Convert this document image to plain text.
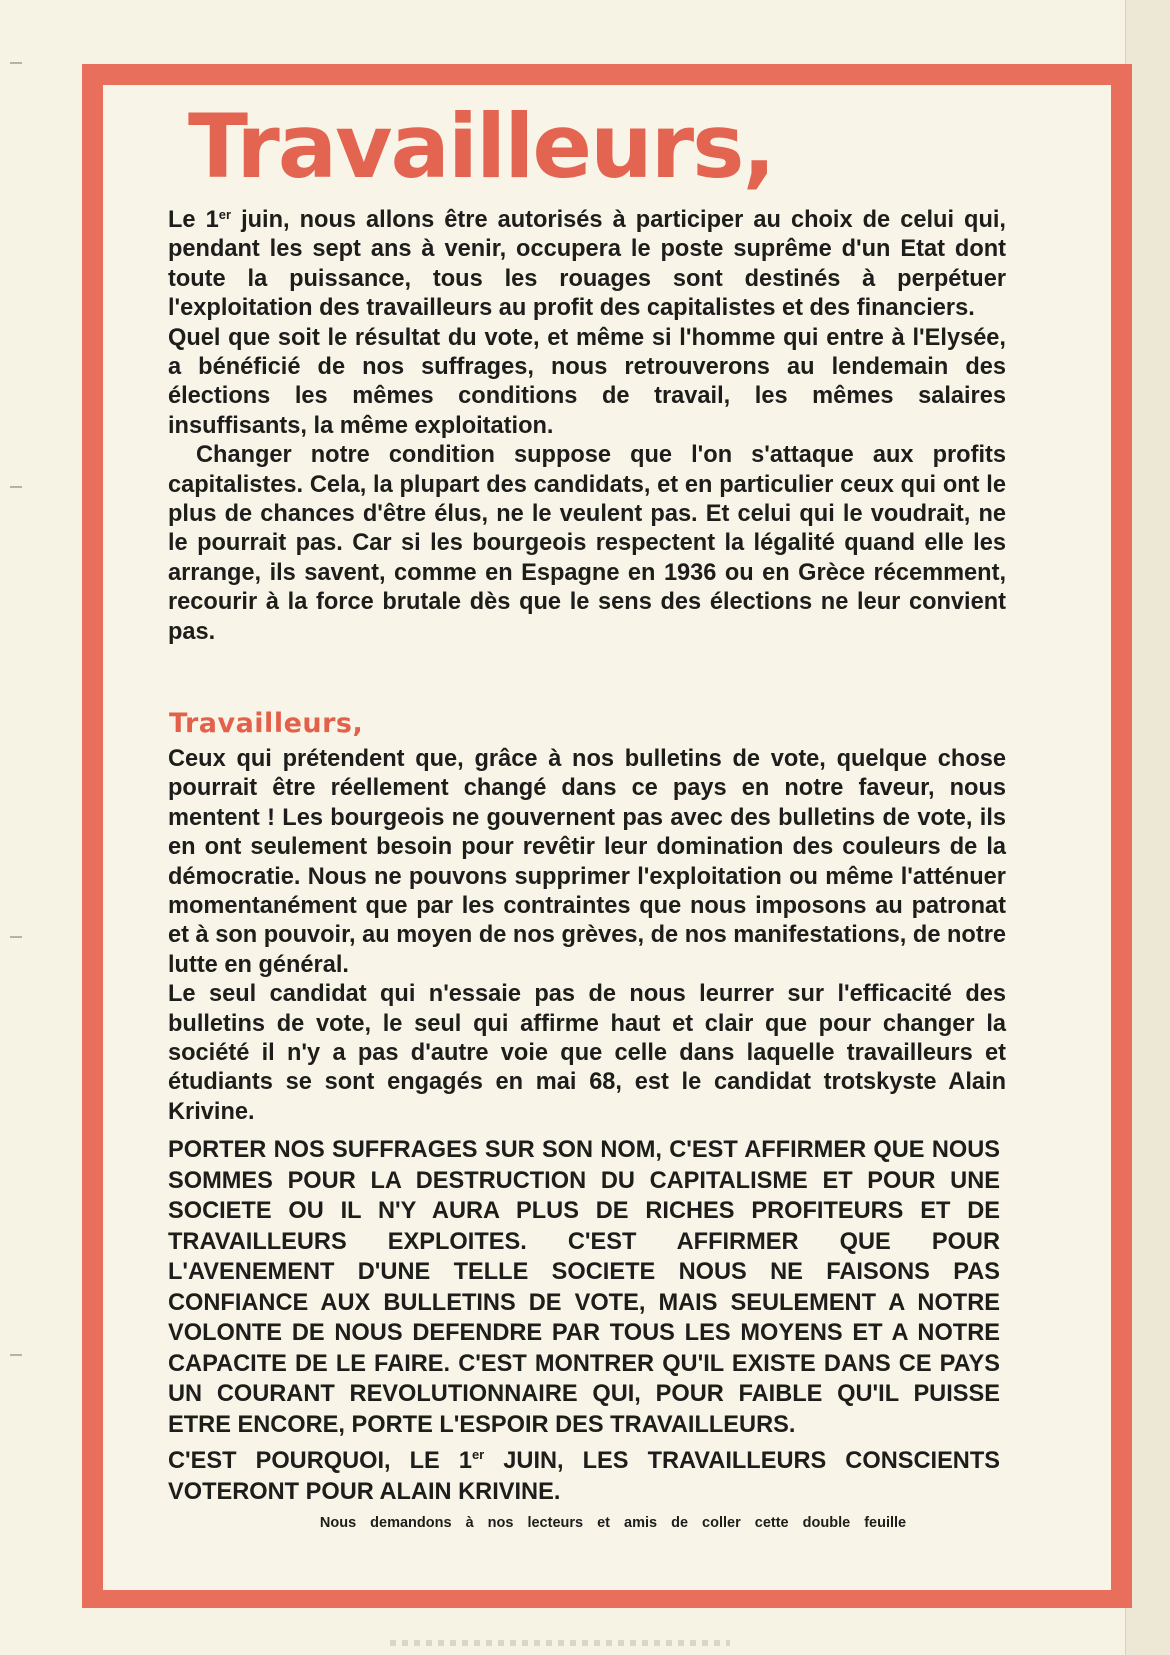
Travailleurs,

Le 1er juin, nous allons être autorisés à participer au choix de celui qui, pendant les sept ans à venir, occupera le poste suprême d'un Etat dont toute la puissance, tous les rouages sont destinés à perpétuer l'exploitation des travailleurs au profit des capitalistes et des financiers.

Quel que soit le résultat du vote, et même si l'homme qui entre à l'Elysée, a bénéficié de nos suffrages, nous retrouverons au lendemain des élections les mêmes conditions de travail, les mêmes salaires insuffisants, la même exploitation.

Changer notre condition suppose que l'on s'attaque aux profits capitalistes. Cela, la plupart des candidats, et en particulier ceux qui ont le plus de chances d'être élus, ne le veulent pas. Et celui qui le voudrait, ne le pourrait pas. Car si les bourgeois respectent la légalité quand elle les arrange, ils savent, comme en Espagne en 1936 ou en Grèce récemment, recourir à la force brutale dès que le sens des élections ne leur convient pas.

Travailleurs,

Ceux qui prétendent que, grâce à nos bulletins de vote, quelque chose pourrait être réellement changé dans ce pays en notre faveur, nous mentent ! Les bourgeois ne gouvernent pas avec des bulletins de vote, ils en ont seulement besoin pour revêtir leur domination des couleurs de la démocratie. Nous ne pouvons supprimer l'exploitation ou même l'atténuer momentanément que par les contraintes que nous imposons au patronat et à son pouvoir, au moyen de nos grèves, de nos manifestations, de notre lutte en général.

Le seul candidat qui n'essaie pas de nous leurrer sur l'efficacité des bulletins de vote, le seul qui affirme haut et clair que pour changer la société il n'y a pas d'autre voie que celle dans laquelle travailleurs et étudiants se sont engagés en mai 68, est le candidat trotskyste Alain Krivine.

PORTER NOS SUFFRAGES SUR SON NOM, C'EST AFFIRMER QUE NOUS SOMMES POUR LA DESTRUCTION DU CAPITALISME ET POUR UNE SOCIETE OU IL N'Y AURA PLUS DE RICHES PROFITEURS ET DE TRAVAILLEURS EXPLOITES. C'EST AFFIRMER QUE POUR L'AVENEMENT D'UNE TELLE SOCIETE NOUS NE FAISONS PAS CONFIANCE AUX BULLETINS DE VOTE, MAIS SEULEMENT A NOTRE VOLONTE DE NOUS DEFENDRE PAR TOUS LES MOYENS ET A NOTRE CAPACITE DE LE FAIRE. C'EST MONTRER QU'IL EXISTE DANS CE PAYS UN COURANT REVOLUTIONNAIRE QUI, POUR FAIBLE QU'IL PUISSE ETRE ENCORE, PORTE L'ESPOIR DES TRAVAILLEURS.

C'EST POURQUOI, LE 1er JUIN, LES TRAVAILLEURS CONSCIENTS VOTERONT POUR ALAIN KRIVINE.

Nous demandons à nos lecteurs et amis de coller cette double feuille
